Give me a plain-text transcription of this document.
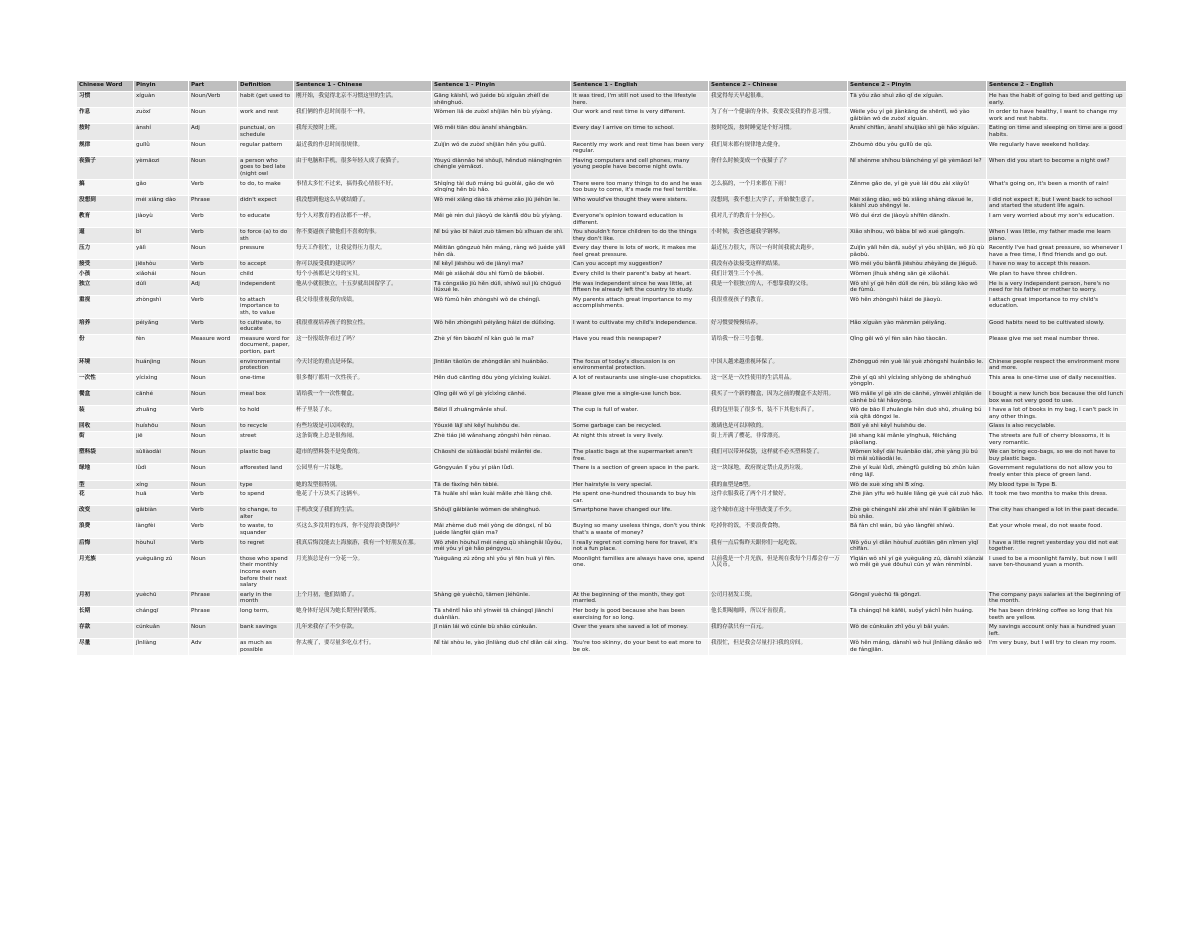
Chinese Word	Pinyin	Part	Definition	Sentence 1 - Chinese	Sentence 1 - Pinyin	Sentence 1 - English	Sentence 2 - Chinese	Sentence 2 - Pinyin	Sentence 2 - English
习惯	xíguàn	Noun/Verb	habit (get used to	刚开始，我觉得北京不习惯这里的生活。	Gāng kāishǐ, wǒ juéde bù xíguàn zhèlǐ de shēnghuó.	It was tired, I'm still not used to the lifestyle here.	我觉得每天早起很难。	Tā yǒu zǎo shuì zǎo qǐ de xíguàn.	He has the habit of going to bed and getting up early.
作息	zuòxī	Noun	work and rest	我们俩的作息时间很不一样。	Wǒmen liǎ de zuòxī shíjiān hěn bù yíyàng.	Our work and rest time is very different.	为了有一个健康的身体，我要改变我的作息习惯。	Wèile yǒu yí gè jiànkāng de shēntǐ, wǒ yào gǎibiàn wǒ de zuòxī xíguàn.	In order to have healthy, I want to change my work and rest habits.
按时	ànshí	Adj	punctual, on schedule	我每天按时上班。	Wǒ měi tiān dōu ànshí shàngbān.	Every day I arrive on time to school.	按时吃饭，按时睡觉是个好习惯。	Ànshí chīfàn, ànshí shuìjiào shì gè hǎo xíguàn.	Eating on time and sleeping on time are a good habits.
规律	guīlǜ	Noun	regular pattern	最近我的作息时间很规律。	Zuìjìn wǒ de zuòxī shíjiān hěn yǒu guīlǜ.	Recently my work and rest time has been very regular.	我们周末都有规律地去健身。	Zhōumò dōu yǒu guīlǜ de qù.	We regularly have weekend holiday.
夜猫子	yèmāozi	Noun	a person who goes to bed late (night owl	由于电脑和手机，很多年轻人成了夜猫子。	Yóuyú diànnǎo hé shǒujī, hěnduō niánqīngrén chéngle yèmāozi.	Having computers and cell phones, many young people have become night owls.	你什么时候变成一个夜猫子了？	Nǐ shénme shíhou biànchéng yí gè yèmāozi le?	When did you start to become a night owl?
搞	gǎo	Verb	to do, to make	事情太多忙不过来，搞得我心情很不好。	Shìqíng tài duō máng bú guòlái, gǎo de wǒ xīnqíng hěn bù hǎo.	There were too many things to do and he was too busy to come, it's made me feel terrible.	怎么搞的，一个月来都在下雨！	Zěnme gǎo de, yí gè yuè lái dōu zài xiàyǔ!	What's going on, it's been a month of rain!
没想到	méi xiǎng dào	Phrase	didn't expect	我没想到他这么早就结婚了。	Wǒ méi xiǎng dào tā zhème zǎo jiù jiéhūn le.	Who would've thought they were sisters.	没想到，我不想上大学了，开始做生意了。	Méi xiǎng dào, wǒ bù xiǎng shàng dàxué le, kāishǐ zuò shēngyì le.	I did not expect it, but I went back to school and started the student life again.
教育	jiàoyù	Verb	to educate	每个人对教育的看法都不一样。	Měi gè rén duì jiàoyù de kànfǎ dōu bù yíyàng.	Everyone's opinion toward education is different.	我对儿子的教育十分担心。	Wǒ duì érzi de jiàoyù shífēn dānxīn.	I am very worried about my son's education.
逼	bī	Verb	to force (a) to do sth	你不要逼孩子做他们不喜欢的事。	Nǐ bú yào bī háizi zuò tāmen bù xǐhuan de shì.	You shouldn't force children to do the things they don't like.	小时候，我爸爸逼我学钢琴。	Xiǎo shíhou, wǒ bàba bī wǒ xué gāngqín.	When I was little, my father made me learn piano.
压力	yālì	Noun	pressure	每天工作很忙，让我觉得压力很大。	Měitiān gōngzuò hěn máng, ràng wǒ juéde yālì hěn dà.	Every day there is lots of work, it makes me feel great pressure.	最近压力很大，所以一有时间我就去跑步。	Zuìjìn yālì hěn dà, suǒyǐ yì yǒu shíjiān, wǒ jiù qù pǎobù.	Recently I've had great pressure, so whenever I have a free time, I find friends and go out.
接受	jiēshòu	Verb	to accept	你可以接受我的建议吗？	Nǐ kěyǐ jiēshòu wǒ de jiànyì ma?	Can you accept my suggestion?	我没有办法接受这样的结果。	Wǒ méi yǒu bànfǎ jiēshòu zhèyàng de jiéguǒ.	I have no way to accept this reason.
小孩	xiǎohái	Noun	child	每个小孩都是父母的宝贝。	Měi gè xiǎohái dōu shì fùmǔ de bǎobèi.	Every child is their parent's baby at heart.	我们计划生三个小孩。	Wǒmen jìhuà shēng sān gè xiǎohái.	We plan to have three children.
独立	dúlì	Adj	independent	他从小就很独立，十五岁就出国留学了。	Tā cóngxiǎo jiù hěn dúlì, shíwǔ suì jiù chūguó liúxué le.	He was independent since he was little, at fifteen he already left the country to study.	我是一个很独立的人，不想靠我的父母。	Wǒ shì yí gè hěn dúlì de rén, bù xiǎng kào wǒ de fùmǔ.	He is a very independent person, here's no need for his father or mother to worry.
重视	zhòngshì	Verb	to attach importance to sth, to value	我父母很重视我的成绩。	Wǒ fùmǔ hěn zhòngshì wǒ de chéngjì.	My parents attach great importance to my accomplishments.	我很重视孩子的教育。	Wǒ hěn zhòngshì háizi de jiàoyù.	I attach great importance to my child's education.
培养	péiyǎng	Verb	to cultivate, to educate	我很重视培养孩子的独立性。	Wǒ hěn zhòngshì péiyǎng háizi de dúlìxìng.	I want to cultivate my child's independence.	好习惯要慢慢培养。	Hǎo xíguàn yào mànmàn péiyǎng.	Good habits need to be cultivated slowly.
份	fèn	Measure word	measure word for document, paper, portion, part	这一份报纸你看过了吗？	Zhè yí fèn bàozhǐ nǐ kàn guò le ma?	Have you read this newspaper?	请给我一份三号套餐。	Qǐng gěi wǒ yí fèn sān hào tàocān.	Please give me set meal number three.
环境	huánjìng	Noun	environmental protection	今天讨论的重点是环保。	Jīntiān tǎolùn de zhòngdiǎn shì huánbǎo.	The focus of today's discussion is on environmental protection.	中国人越来越重视环保了。	Zhōngguó rén yuè lái yuè zhòngshì huánbǎo le.	Chinese people respect the environment more and more.
一次性	yícìxìng	Noun	one-time	很多餐厅都用一次性筷子。	Hěn duō cāntīng dōu yòng yícìxìng kuàizi.	A lot of restaurants use single-use chopsticks.	这一区是一次性使用的生活用品。	Zhè yí qū shì yícìxìng shǐyòng de shēnghuó yòngpǐn.	This area is one-time use of daily necessities.
餐盒	cānhé	Noun	meal box	请给我一个一次性餐盒。	Qǐng gěi wǒ yí gè yícìxìng cānhé.	Please give me a single-use lunch box.	我买了一个新的餐盒，因为之前的餐盒不太好用。	Wǒ mǎile yí gè xīn de cānhé, yīnwèi zhīqián de cānhé bú tài hǎoyòng.	I bought a new lunch box because the old lunch box was not very good to use.
装	zhuāng	Verb	to hold	杯子里装了水。	Bēizi lǐ zhuāngmǎnle shuǐ.	The cup is full of water.	我的包里装了很多书，装不下其他东西了。	Wǒ de bāo lǐ zhuāngle hěn duō shū, zhuāng bú xià qítā dōngxi le.	I have a lot of books in my bag, I can't pack in any other things.
回收	huíshōu	Noun	to recycle	有些垃圾是可以回收的。	Yǒuxiē lājī shì kěyǐ huíshōu de.	Some garbage can be recycled.	玻璃也是可以回收的。	Bōlí yě shì kěyǐ huíshōu de.	Glass is also recyclable.
街	jiē	Noun	street	这条街晚上总是很热闹。	Zhè tiáo jiē wǎnshang zǒngshì hěn rènao.	At night this street is very lively.	街上开满了樱花，非常漂亮。	Jiē shang kāi mǎnle yīnghuā, fēicháng piàoliang.	The streets are full of cherry blossoms, it is very romantic.
塑料袋	sùliàodài	Noun	plastic bag	超市的塑料袋不是免费的。	Chāoshì de sùliàodài búshì miǎnfèi de.	The plastic bags at the supermarket aren't free.	我们可以带环保袋，这样就不必买塑料袋了。	Wǒmen kěyǐ dài huánbǎo dài, zhè yàng jiù bú bì mǎi sùliàodài le.	We can bring eco-bags, so we do not have to buy plastic bags.
绿地	lǜdì	Noun	afforested land	公园里有一片绿地。	Gōngyuán lǐ yǒu yí piàn lǜdì.	There is a section of green space in the park.	这一块绿地，政府规定禁止乱扔垃圾。	Zhè yí kuài lǜdì, zhèngfǔ guīdìng bù zhǔn luàn rēng lājī.	Government regulations do not allow you to freely enter this piece of green land.
型	xíng	Noun	type	她的发型很特别。	Tā de fàxíng hěn tèbié.	Her hairstyle is very special.	我的血型是B型。	Wǒ de xuè xíng shì B xíng.	My blood type is Type B.
花	huā	Verb	to spend	他花了十万块买了这辆车。	Tā huāle shí wàn kuài mǎile zhè liàng chē.	He spent one-hundred thousands to buy his car.	这件衣服我花了两个月才做好。	Zhè jiàn yīfu wǒ huāle liǎng gè yuè cái zuò hǎo.	It took me two months to make this dress.
改变	gǎibiàn	Verb	to change, to alter	手机改变了我们的生活。	Shǒujī gǎibiànle wǒmen de shēnghuó.	Smartphone have changed our life.	这个城市在这十年里改变了不少。	Zhè gè chéngshì zài zhè shí nián lǐ gǎibiàn le bù shǎo.	The city has changed a lot in the past decade.
浪费	làngfèi	Verb	to waste, to squander	买这么多没用的东西，你不觉得浪费钱吗？	Mǎi zhème duō méi yòng de dōngxi, nǐ bù juéde làngfèi qián ma?	Buying so many useless things, don't you think that's a waste of money?	吃掉你的饭，不要浪费食物。	Bǎ fàn chī wán, bú yào làngfèi shíwù.	Eat your whole meal, do not waste food.
后悔	hòuhuǐ	Verb	to regret	我真后悔没能去上海旅游，我有一个好朋友在那。	Wǒ zhēn hòuhuǐ méi néng qù shànghǎi lǚyóu, méi yǒu yí gè hǎo péngyou.	I really regret not coming here for travel, it's not a fun place.	我有一点后悔昨天跟你们一起吃饭。	Wǒ yǒu yì diǎn hòuhuǐ zuótiān gēn nǐmen yìqǐ chīfàn.	I have a little regret yesterday you did not eat together.
月光族	yuèguāng zú	Noun	those who spend their monthly income even before their next salary	月光族总是有一分花一分。	Yuèguāng zú zǒng shì yǒu yì fēn huā yì fēn.	Moonlight families are always have one, spend one.	以前我是一个月光族，但是现在我每个月都会存一万人民币。	Yǐqián wǒ shì yí gè yuèguāng zú, dànshì xiànzài wǒ měi gè yuè dōuhuì cún yí wàn rénmínbì.	I used to be a moonlight family, but now I will save ten-thousand yuan a month.
月初	yuèchū	Phrase	early in the month	上个月初，他们结婚了。	Shàng gè yuèchū, tāmen jiéhūnle.	At the beginning of the month, they got married.	公司月初发工资。	Gōngsī yuèchū fā gōngzī.	The company pays salaries at the beginning of the month.
长期	chángqī	Phrase	long term,	她身体好是因为她长期坚持锻炼。	Tā shēntǐ hǎo shì yīnwèi tā chángqī jiānchí duànliàn.	Her body is good because she has been exercising for so long.	他长期喝咖啡，所以牙齿很黄。	Tā chángqī hē kāfēi, suǒyǐ yáchǐ hěn huáng.	He has been drinking coffee so long that his teeth are yellow.
存款	cúnkuǎn	Noun	bank savings	几年来我存了不少存款。	Jǐ nián lái wǒ cúnle bù shǎo cúnkuǎn.	Over the years she saved a lot of money.	我的存款只有一百元。	Wǒ de cúnkuǎn zhǐ yǒu yì bǎi yuán.	My savings account only has a hundred yuan left.
尽量	jǐnliàng	Adv	as much as possible	你太瘦了，要尽量多吃点才行。	Nǐ tài shòu le, yào jǐnliàng duō chī diǎn cái xíng.	You're too skinny, do your best to eat more to be ok.	我很忙，但是我会尽量打扫我的房间。	Wǒ hěn máng, dànshì wǒ huì jǐnliàng dǎsǎo wǒ de fángjiān.	I'm very busy, but I will try to clean my room.
